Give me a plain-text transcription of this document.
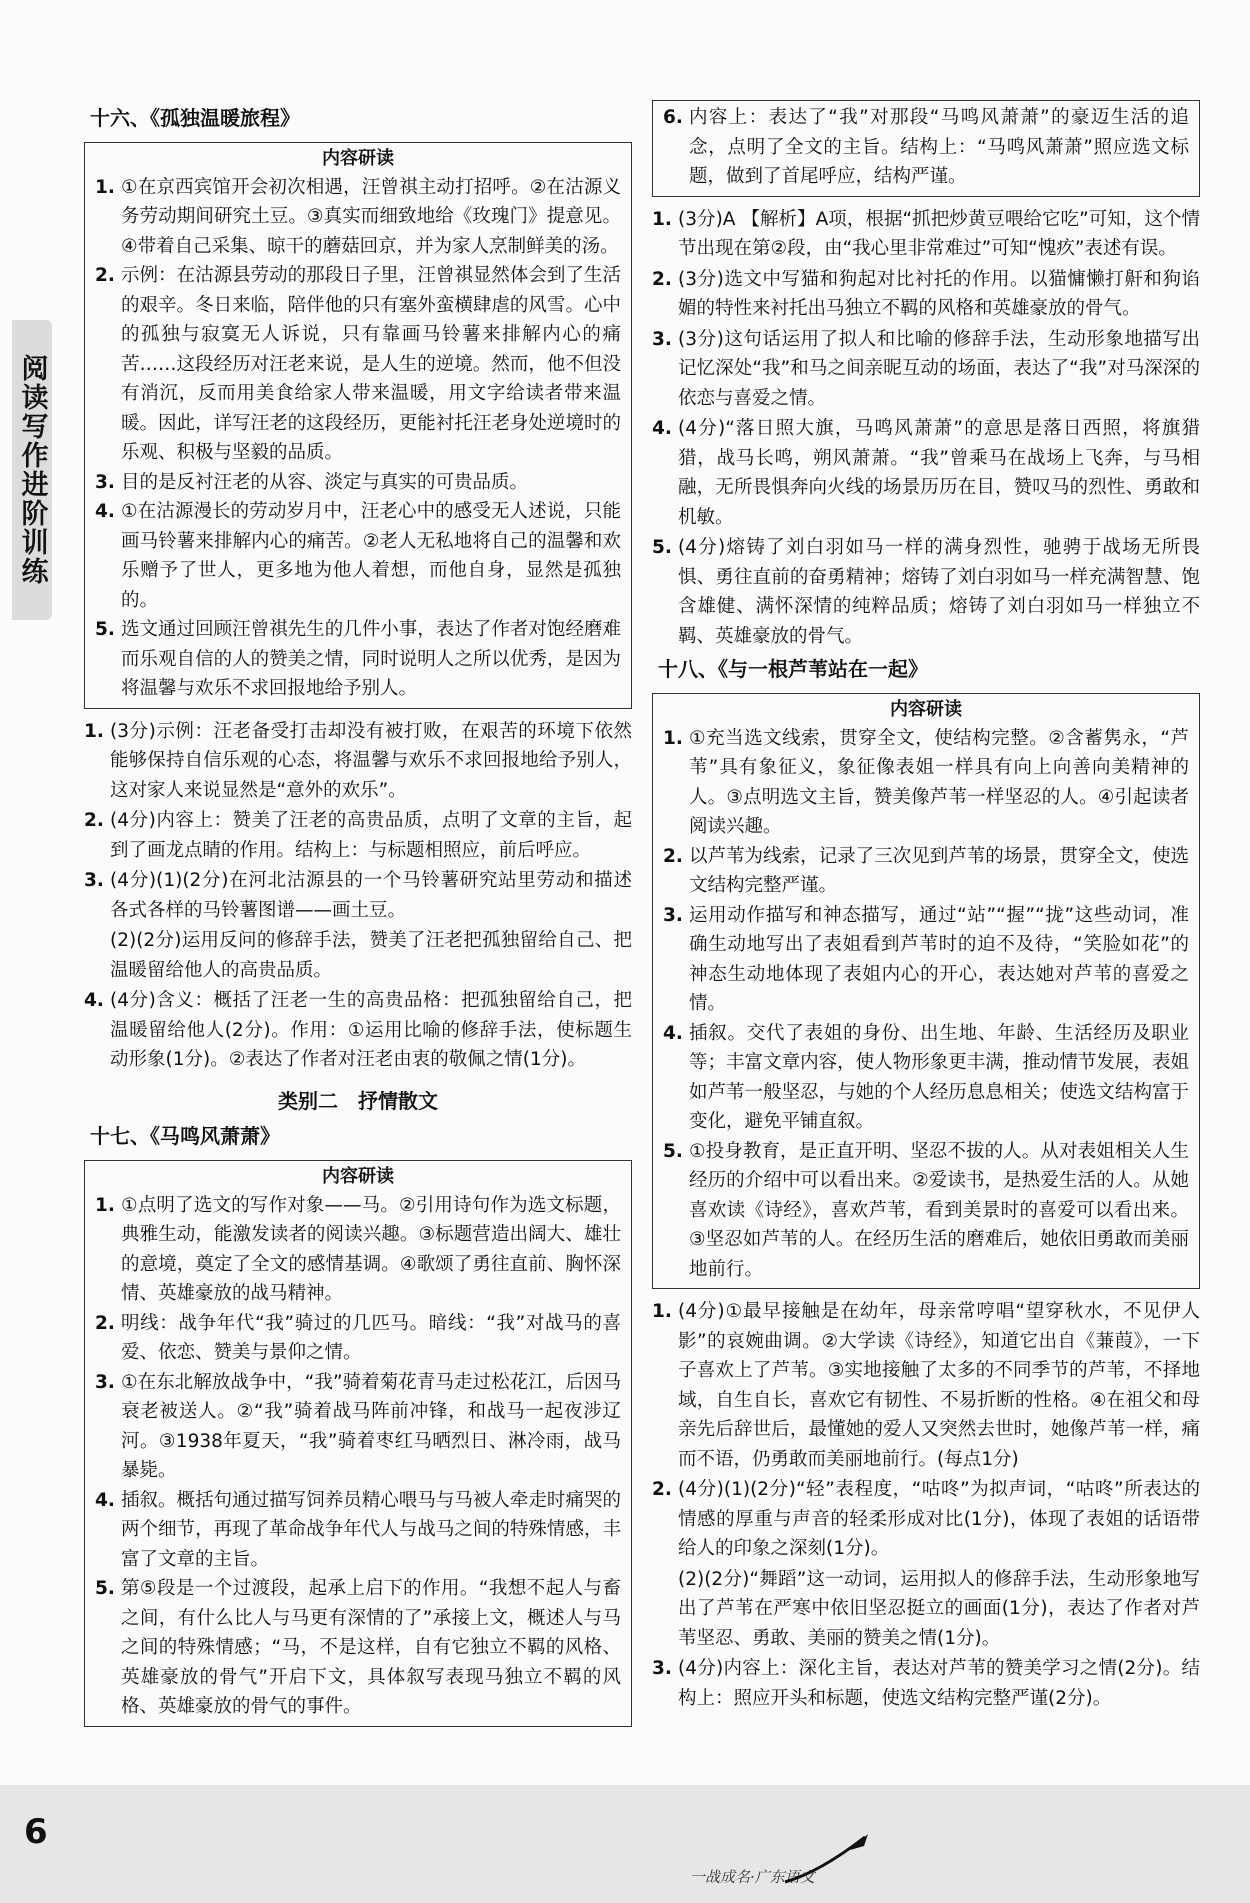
阅读写作进阶训练
十六、《孤独温暖旅程》
内容研读
1. ①在京西宾馆开会初次相遇，汪曾祺主动打招呼。②在沽源义务劳动期间研究土豆。③真实而细致地给《玫瑰门》提意见。④带着自己采集、晾干的蘑菇回京，并为家人烹制鲜美的汤。
2. 示例：在沽源县劳动的那段日子里，汪曾祺显然体会到了生活的艰辛。冬日来临，陪伴他的只有塞外蛮横肆虐的风雪。心中的孤独与寂寞无人诉说，只有靠画马铃薯来排解内心的痛苦……这段经历对汪老来说，是人生的逆境。然而，他不但没有消沉，反而用美食给家人带来温暖，用文字给读者带来温暖。因此，详写汪老的这段经历，更能衬托汪老身处逆境时的乐观、积极与坚毅的品质。
3. 目的是反衬汪老的从容、淡定与真实的可贵品质。
4. ①在沽源漫长的劳动岁月中，汪老心中的感受无人述说，只能画马铃薯来排解内心的痛苦。②老人无私地将自己的温馨和欢乐赠予了世人，更多地为他人着想，而他自身，显然是孤独的。
5. 选文通过回顾汪曾祺先生的几件小事，表达了作者对饱经磨难而乐观自信的人的赞美之情，同时说明人之所以优秀，是因为将温馨与欢乐不求回报地给予别人。
1. (3分)示例：汪老备受打击却没有被打败，在艰苦的环境下依然能够保持自信乐观的心态，将温馨与欢乐不求回报地给予别人，这对家人来说显然是“意外的欢乐”。
2. (4分)内容上：赞美了汪老的高贵品质，点明了文章的主旨，起到了画龙点睛的作用。结构上：与标题相照应，前后呼应。
3. (4分)(1)(2分)在河北沽源县的一个马铃薯研究站里劳动和描述各式各样的马铃薯图谱——画土豆。
(2)(2分)运用反问的修辞手法，赞美了汪老把孤独留给自己、把温暖留给他人的高贵品质。
4. (4分)含义：概括了汪老一生的高贵品格：把孤独留给自己，把温暖留给他人(2分)。作用：①运用比喻的修辞手法，使标题生动形象(1分)。②表达了作者对汪老由衷的敬佩之情(1分)。
类别二　抒情散文
十七、《马鸣风萧萧》
内容研读
1. ①点明了选文的写作对象——马。②引用诗句作为选文标题，典雅生动，能激发读者的阅读兴趣。③标题营造出阔大、雄壮的意境，奠定了全文的感情基调。④歌颂了勇往直前、胸怀深情、英雄豪放的战马精神。
2. 明线：战争年代“我”骑过的几匹马。暗线：“我”对战马的喜爱、依恋、赞美与景仰之情。
3. ①在东北解放战争中，“我”骑着菊花青马走过松花江，后因马衰老被送人。②“我”骑着战马阵前冲锋，和战马一起夜涉辽河。③1938年夏天，“我”骑着枣红马晒烈日、淋冷雨，战马暴毙。
4. 插叙。概括句通过描写饲养员精心喂马与马被人牵走时痛哭的两个细节，再现了革命战争年代人与战马之间的特殊情感，丰富了文章的主旨。
5. 第⑤段是一个过渡段，起承上启下的作用。“我想不起人与畜之间，有什么比人与马更有深情的了”承接上文，概述人与马之间的特殊情感；“马，不是这样，自有它独立不羁的风格、英雄豪放的骨气”开启下文，具体叙写表现马独立不羁的风格、英雄豪放的骨气的事件。
6. 内容上：表达了“我”对那段“马鸣风萧萧”的豪迈生活的追念，点明了全文的主旨。结构上：“马鸣风萧萧”照应选文标题，做到了首尾呼应，结构严谨。
1. (3分)A 【解析】A项，根据“抓把炒黄豆喂给它吃”可知，这个情节出现在第②段，由“我心里非常难过”可知“愧疚”表述有误。
2. (3分)选文中写猫和狗起对比衬托的作用。以猫慵懒打鼾和狗谄媚的特性来衬托出马独立不羁的风格和英雄豪放的骨气。
3. (3分)这句话运用了拟人和比喻的修辞手法，生动形象地描写出记忆深处“我”和马之间亲昵互动的场面，表达了“我”对马深深的依恋与喜爱之情。
4. (4分)“落日照大旗，马鸣风萧萧”的意思是落日西照，将旗猎猎，战马长鸣，朔风萧萧。“我”曾乘马在战场上飞奔，与马相融，无所畏惧奔向火线的场景历历在目，赞叹马的烈性、勇敢和机敏。
5. (4分)熔铸了刘白羽如马一样的满身烈性，驰骋于战场无所畏惧、勇往直前的奋勇精神；熔铸了刘白羽如马一样充满智慧、饱含雄健、满怀深情的纯粹品质；熔铸了刘白羽如马一样独立不羁、英雄豪放的骨气。
十八、《与一根芦苇站在一起》
内容研读
1. ①充当选文线索，贯穿全文，使结构完整。②含蓄隽永，“芦苇”具有象征义，象征像表姐一样具有向上向善向美精神的人。③点明选文主旨，赞美像芦苇一样坚忍的人。④引起读者阅读兴趣。
2. 以芦苇为线索，记录了三次见到芦苇的场景，贯穿全文，使选文结构完整严谨。
3. 运用动作描写和神态描写，通过“站”“握”“拢”这些动词，准确生动地写出了表姐看到芦苇时的迫不及待，“笑脸如花”的神态生动地体现了表姐内心的开心，表达她对芦苇的喜爱之情。
4. 插叙。交代了表姐的身份、出生地、年龄、生活经历及职业等；丰富文章内容，使人物形象更丰满，推动情节发展，表姐如芦苇一般坚忍，与她的个人经历息息相关；使选文结构富于变化，避免平铺直叙。
5. ①投身教育，是正直开明、坚忍不拔的人。从对表姐相关人生经历的介绍中可以看出来。②爱读书，是热爱生活的人。从她喜欢读《诗经》，喜欢芦苇，看到美景时的喜爱可以看出来。③坚忍如芦苇的人。在经历生活的磨难后，她依旧勇敢而美丽地前行。
1. (4分)①最早接触是在幼年，母亲常哼唱“望穿秋水，不见伊人影”的哀婉曲调。②大学读《诗经》，知道它出自《蒹葭》，一下子喜欢上了芦苇。③实地接触了太多的不同季节的芦苇，不择地域，自生自长，喜欢它有韧性、不易折断的性格。④在祖父和母亲先后辞世后，最懂她的爱人又突然去世时，她像芦苇一样，痛而不语，仍勇敢而美丽地前行。(每点1分)
2. (4分)(1)(2分)“轻”表程度，“咕咚”为拟声词，“咕咚”所表达的情感的厚重与声音的轻柔形成对比(1分)，体现了表姐的话语带给人的印象之深刻(1分)。
(2)(2分)“舞蹈”这一动词，运用拟人的修辞手法，生动形象地写出了芦苇在严寒中依旧坚忍挺立的画面(1分)，表达了作者对芦苇坚忍、勇敢、美丽的赞美之情(1分)。
3. (4分)内容上：深化主旨，表达对芦苇的赞美学习之情(2分)。结构上：照应开头和标题，使选文结构完整严谨(2分)。
6
一战成名·广东语文
